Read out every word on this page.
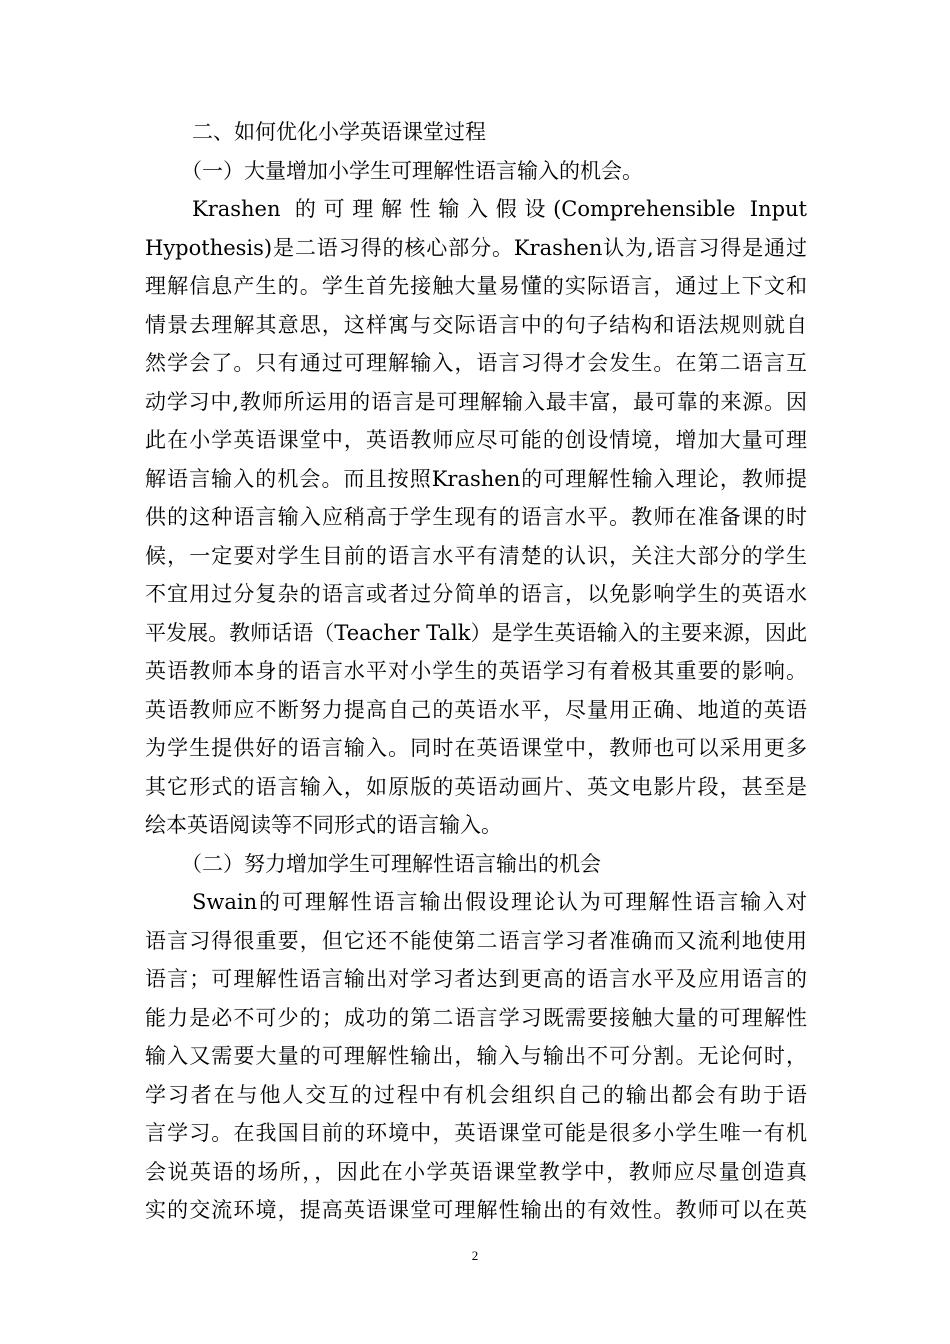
二、如何优化小学英语课堂过程
（一）大量增加小学生可理解性语言输入的机会。
Krashen 的可理解性输入假设(Comprehensible Input
Hypothesis)是二语习得的核心部分。Krashen认为,语言习得是通过
理解信息产生的。学生首先接触大量易懂的实际语言，通过上下文和
情景去理解其意思，这样寓与交际语言中的句子结构和语法规则就自
然学会了。只有通过可理解输入，语言习得才会发生。在第二语言互
动学习中,教师所运用的语言是可理解输入最丰富，最可靠的来源。因
此在小学英语课堂中，英语教师应尽可能的创设情境，增加大量可理
解语言输入的机会。而且按照Krashen的可理解性输入理论，教师提
供的这种语言输入应稍高于学生现有的语言水平。教师在准备课的时
候，一定要对学生目前的语言水平有清楚的认识，关注大部分的学生
不宜用过分复杂的语言或者过分简单的语言，以免影响学生的英语水
平发展。教师话语（Teacher Talk）是学生英语输入的主要来源，因此
英语教师本身的语言水平对小学生的英语学习有着极其重要的影响。
英语教师应不断努力提高自己的英语水平，尽量用正确、地道的英语
为学生提供好的语言输入。同时在英语课堂中，教师也可以采用更多
其它形式的语言输入，如原版的英语动画片、英文电影片段，甚至是
绘本英语阅读等不同形式的语言输入。
（二）努力增加学生可理解性语言输出的机会
Swain的可理解性语言输出假设理论认为可理解性语言输入对
语言习得很重要，但它还不能使第二语言学习者准确而又流利地使用
语言；可理解性语言输出对学习者达到更高的语言水平及应用语言的
能力是必不可少的；成功的第二语言学习既需要接触大量的可理解性
输入又需要大量的可理解性输出，输入与输出不可分割。无论何时，
学习者在与他人交互的过程中有机会组织自己的输出都会有助于语
言学习。在我国目前的环境中，英语课堂可能是很多小学生唯一有机
会说英语的场所，，因此在小学英语课堂教学中，教师应尽量创造真
实的交流环境，提高英语课堂可理解性输出的有效性。教师可以在英
2
